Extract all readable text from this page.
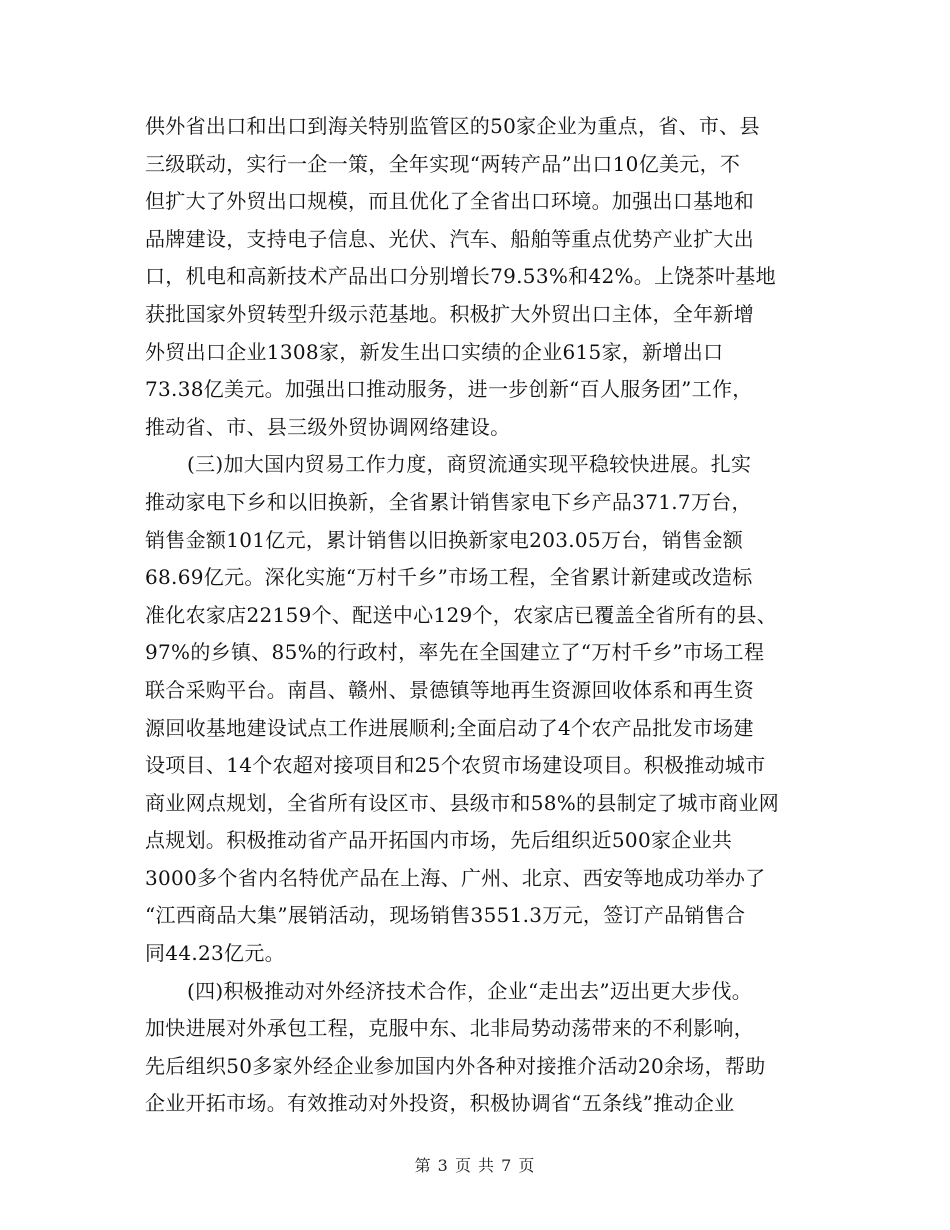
供外省出口和出口到海关特别监管区的50家企业为重点，省、市、县
三级联动，实行一企一策，全年实现“两转产品”出口10亿美元，不
但扩大了外贸出口规模，而且优化了全省出口环境。加强出口基地和
品牌建设，支持电子信息、光伏、汽车、船舶等重点优势产业扩大出
口，机电和高新技术产品出口分别增长79.53%和42%。上饶茶叶基地
获批国家外贸转型升级示范基地。积极扩大外贸出口主体，全年新增
外贸出口企业1308家，新发生出口实绩的企业615家，新增出口
73.38亿美元。加强出口推动服务，进一步创新“百人服务团”工作，
推动省、市、县三级外贸协调网络建设。
(三)加大国内贸易工作力度，商贸流通实现平稳较快进展。扎实
推动家电下乡和以旧换新，全省累计销售家电下乡产品371.7万台，
销售金额101亿元，累计销售以旧换新家电203.05万台，销售金额
68.69亿元。深化实施“万村千乡”市场工程，全省累计新建或改造标
准化农家店22159个、配送中心129个，农家店已覆盖全省所有的县、
97%的乡镇、85%的行政村，率先在全国建立了“万村千乡”市场工程
联合采购平台。南昌、赣州、景德镇等地再生资源回收体系和再生资
源回收基地建设试点工作进展顺利;全面启动了4个农产品批发市场建
设项目、14个农超对接项目和25个农贸市场建设项目。积极推动城市
商业网点规划，全省所有设区市、县级市和58%的县制定了城市商业网
点规划。积极推动省产品开拓国内市场，先后组织近500家企业共
3000多个省内名特优产品在上海、广州、北京、西安等地成功举办了
“江西商品大集”展销活动，现场销售3551.3万元，签订产品销售合
同44.23亿元。
(四)积极推动对外经济技术合作，企业“走出去”迈出更大步伐。
加快进展对外承包工程，克服中东、北非局势动荡带来的不利影响，
先后组织50多家外经企业参加国内外各种对接推介活动20余场，帮助
企业开拓市场。有效推动对外投资，积极协调省“五条线”推动企业
第 3 页 共 7 页
